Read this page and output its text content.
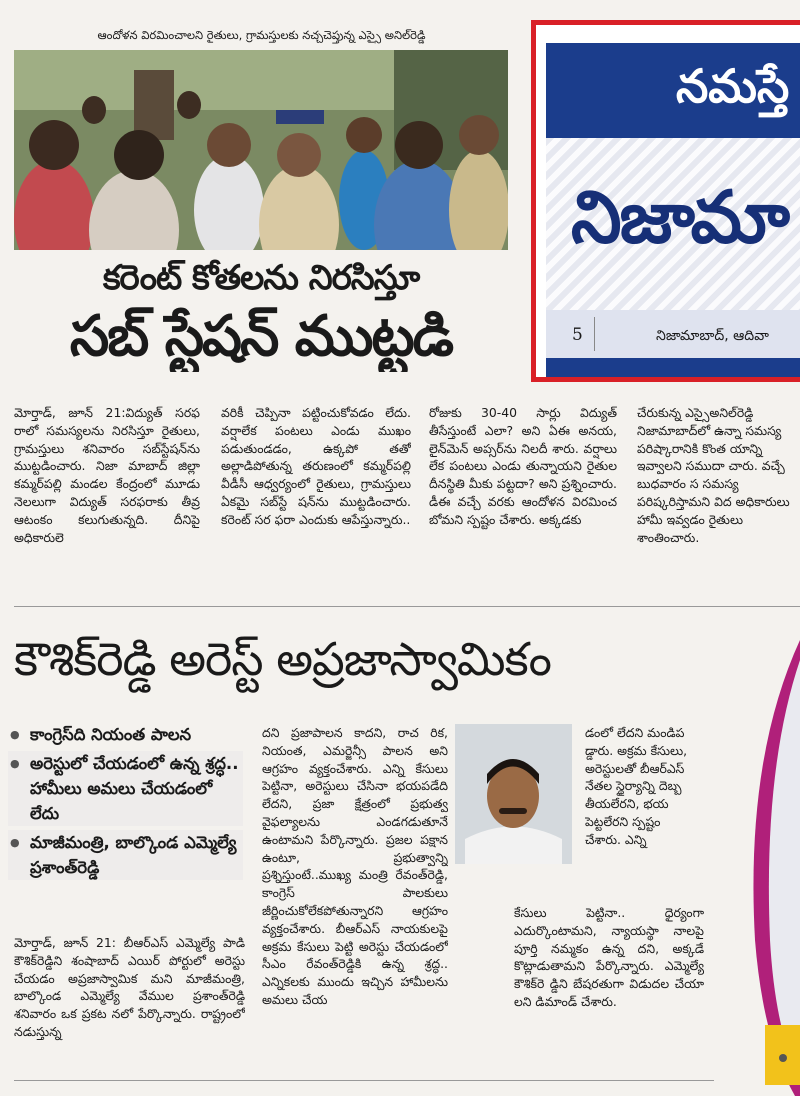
ఆందోళన విరమించాలని రైతులు, గ్రామస్తులకు నచ్చచెప్తున్న ఎస్సై అనిల్‌రెడ్డి
కరెంట్‌ కోతలను నిరసిస్తూ
సబ్‌ స్టేషన్‌ ముట్టడి

మోర్తాడ్‌, జూన్‌ 21:విద్యుత్‌ సరఫ రాలో సమస్యలను నిరసిస్తూ రైతులు, గ్రామస్తులు శనివారం సబ్‌స్టేషన్‌ను ముట్టడించారు. నిజా మాబాద్‌ జిల్లా కమ్మర్‌పల్లి మండల కేంద్రంలో మూడు నెలలుగా విద్యుత్‌ సరఫరాకు తీవ్ర ఆటంకం కలుగుతున్నది. దీనిపై అధికారులె

వరికీ చెప్పినా పట్టించుకోవడం లేదు. వర్షాలేక పంటలు ఎండు ముఖం పడుతుండడం, ఉక్కపో తతో అల్లాడిపోతున్న తరుణంలో కమ్మర్‌పల్లి వీడీసీ ఆధ్వర్యంలో రైతులు, గ్రామస్తులు ఏకమై సబ్‌స్టే షన్‌ను ముట్టడించారు. కరెంట్‌ సర ఫరా ఎందుకు ఆపేస్తున్నారు..

రోజుకు 30-40 సార్లు విద్యుత్‌ తీసేస్తుంటే ఎలా? అని ఏఈ అనయ, లైన్‌మెన్‌ అప్సర్‌ను నిలదీ శారు. వర్షాలు లేక పంటలు ఎండు తున్నాయని రైతుల దీనస్థితి మీకు పట్టదా? అని ప్రశ్నించారు. డీఈ వచ్చే వరకు ఆందోళన విరమించ బోమని స్పష్టం చేశారు. అక్కడకు

చేరుకున్న ఎస్సైఅనిల్‌రెడ్డి నిజామాబాద్‌లో ఉన్నా సమస్య పరిష్కారానికి కొంత యాన్ని ఇవ్వాలని సముదా చారు. వచ్చే బుధవారం స సమస్య పరిష్కరిస్తామని విద అధికారులు హామీ ఇవ్వడం రైతులు శాంతించారు.

నమస్తే
నిజామా
5	నిజామాబాద్‌, ఆదివా
కౌశిక్‌రెడ్డి అరెస్ట్‌ అప్రజాస్వామికం
● కాంగ్రెస్‌ది నియంత పాలన
● అరెస్టులో చేయడంలో ఉన్న శ్రద్ధ.. హామీలు అమలు చేయడంలో లేదు
● మాజీమంత్రి, బాల్కొండ ఎమ్మెల్యే ప్రశాంత్‌రెడ్డి

మోర్తాడ్‌, జూన్‌ 21: బీఆర్‌ఎస్‌ ఎమ్మెల్యే పాడి కౌశిక్‌రెడ్డిని శంషాబాద్‌ ఎయిర్‌ పోర్టులో అరెస్టు చేయడం అప్రజాస్వామిక మని మాజీమంత్రి, బాల్కొండ ఎమ్మెల్యే వేముల ప్రశాంత్‌రెడ్డి శనివారం ఒక ప్రకట నలో పేర్కొన్నారు. రాష్ట్రంలో నడుస్తున్న

దని ప్రజాపాలన కాదని, రాచ రిక, నియంత, ఎమర్జెన్సీ పాలన అని ఆగ్రహం వ్యక్తంచేశారు. ఎన్ని కేసులు పెట్టినా, అరెస్టులు చేసినా భయపడేది లేదని, ప్రజా క్షేత్రంలో ప్రభుత్వ వైఫల్యాలను ఎండగడుతూనే ఉంటామని పేర్కొన్నారు. ప్రజల పక్షాన ఉంటూ, ప్రభుత్వాన్ని ప్రశ్నిస్తుంటే..ముఖ్య మంత్రి రేవంత్‌రెడ్డి, కాంగ్రెస్‌ పాలకులు జీర్ణించుకోలేకపోతున్నారని ఆగ్రహం వ్యక్తంచేశారు. బీఆర్‌ఎస్‌ నాయకులపై అక్రమ కేసులు పెట్టి అరెస్టు చేయడంలో సీఎం రేవంత్‌రెడ్డికి ఉన్న శ్రద్ధ.. ఎన్నికలకు ముందు ఇచ్చిన హామీలను అమలు చేయ

డంలో లేదని మండిప డ్డారు. అక్రమ కేసులు, అరెస్టులతో బీఆర్‌ఎస్‌ నేతల స్థైర్యాన్ని దెబ్బ తీయలేరని, భయ పెట్టలేరని స్పష్టం చేశారు. ఎన్ని

కేసులు పెట్టినా.. ధైర్యంగా ఎదుర్కొంటామని, న్యాయస్థా నాలపై పూర్తి నమ్మకం ఉన్న దని, అక్కడే కొట్లాడుతామని పేర్కొన్నారు. ఎమ్మెల్యే కౌశిక్‌రె డ్డిని బేషరతుగా విడుదల చేయా లని డిమాండ్‌ చేశారు.
